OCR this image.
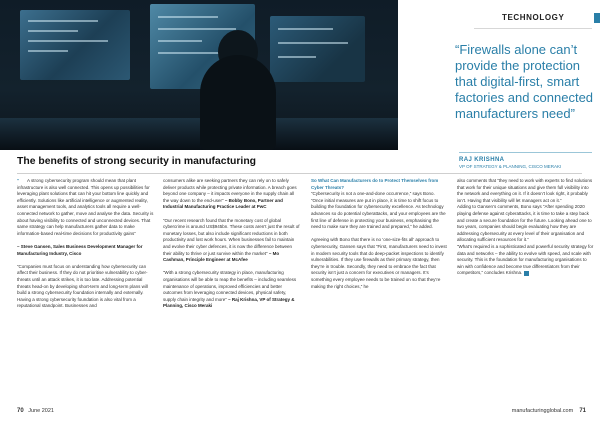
TECHNOLOGY
“Firewalls alone can’t provide the protection that digital-first, smart factories and connected manufacturers need”
RAJ KRISHNA
VP OF STRATEGY & PLANNING, CISCO MERAKI
The benefits of strong security in manufacturing

“ A strong cybersecurity program should mean that plant infrastructure is also well connected. This opens up possibilities for leveraging plant solutions that can hit your bottom line quickly and efficiently. Solutions like artificial intelligence or augmented reality, asset management tools, and analytics tools all require a well-connected network to gather, move and analyse the data. Security is about having visibility to connected and unconnected devices. That same strategy can help manufacturers gather data to make information-based real-time decisions for productivity gains”

– Steve Gansen, Sales Business Development Manager for Manufacturing Industry, Cisco

“Companies must focus on understanding how cybersecurity can affect their business. If they do not prioritise vulnerability to cyber-threats until an attack strikes, it is too late. Addressing potential threats head-on by developing short-term and long-term plans will build a strong cybersecurity foundation internally and externally. Having a strong cybersecurity foundation is also vital from a reputational standpoint. Businesses and

consumers alike are seeking partners they can rely on to safely deliver products while protecting private information. A breach goes beyond one company – it impacts everyone in the supply chain all the way down to the end-user” – Bobby Bono, Partner and Industrial Manufacturing Practice Leader at PwC

“Our recent research found that the monetary cost of global cybercrime is around US$945bn. These costs aren’t just the result of monetary losses, but also include significant reductions in both productivity and lost work hours. When businesses fail to maintain and evolve their cyber defences, it is now the difference between their ability to thrive or just survive within the market” – Mo Cashman, Principle Engineer at McAfee

“With a strong cybersecurity strategy in place, manufacturing organisations will be able to reap the benefits – including seamless maintenance of operations, improved efficiencies and better outcomes from leveraging connected devices, physical safety, supply chain integrity and more” – Raj Krishna, VP of Strategy & Planning, Cisco Meraki

So What Can Manufacturers do to Protect Themselves from Cyber Threats?

“Cybersecurity is not a one-and-done occurrence,” says Bono. “Once initial measures are put in place, it is time to shift focus to building the foundation for cybersecurity excellence. As technology advances so do potential cyberattacks, and your employees are the first line of defense in protecting your business, emphasising the need to make sure they are trained and prepared,” he added.

Agreeing with Bono that there is no ‘one-size-fits all’ approach to cybersecurity, Gansen says that “First, manufacturers need to invest in modern security tools that do deep-packet inspections to identify vulnerabilities. If they use firewalls as their primary strategy, then they’re in trouble. Secondly, they need to embrace the fact that security isn’t just a concern for executives or managers. It’s something every employee needs to be trained on so that they’re making the right choices,” he

also comments that “they need to work with experts to find solutions that work for their unique situations and give them full visibility into the network and everything on it. If it doesn’t look right, it probably isn’t. Having that visibility will let managers act on it.”

Adding to Gansen’s comments, Bono says “After spending 2020 playing defense against cyberattacks, it is time to take a step back and create a secure foundation for the future. Looking ahead one to two years, companies should begin evaluating how they are addressing cybersecurity at every level of their organisation and allocating sufficient resources for it.”

“What’s required is a sophisticated and powerful security strategy for data and networks – the ability to evolve with speed, and scale with security. This is the foundation for manufacturing organisations to win with confidence and become true differentiators from their competitors,” concludes Krishna.

70 June 2021	manufacturingglobal.com 71
